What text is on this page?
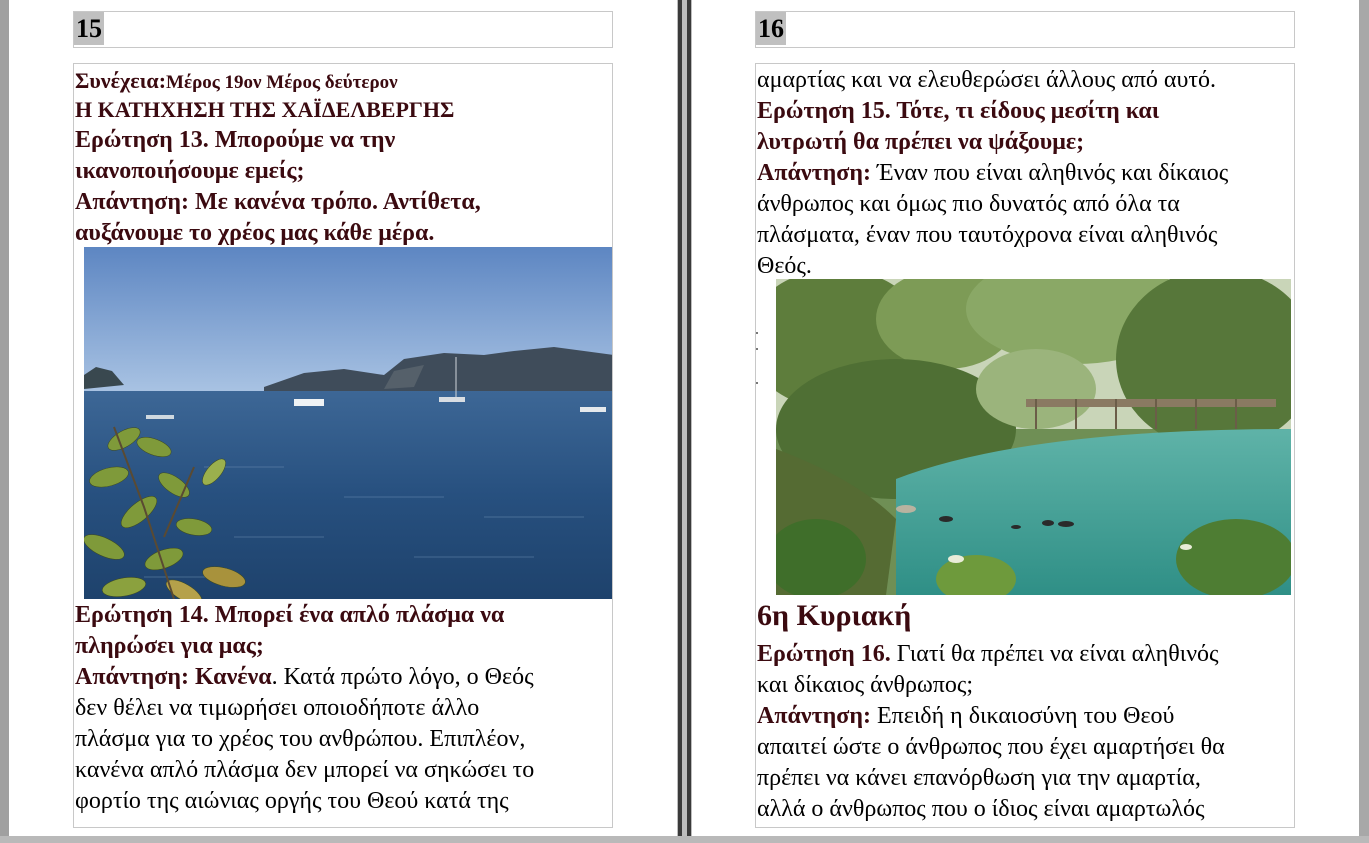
15
Συνέχεια:Μέρος 19ον Μέρος δεύτερον
Η ΚΑΤΗΧΗΣΗ ΤΗΣ ΧΑΪΔΕΛΒΕΡΓΗΣ
Ερώτηση 13. Μπορούμε να την
ικανοποιήσουμε εμείς;
Απάντηση: Με κανένα τρόπο. Αντίθετα,
αυξάνουμε το χρέος μας κάθε μέρα.
Ερώτηση 14. Μπορεί ένα απλό πλάσμα να
πληρώσει για μας;
Απάντηση: Κανένα. Κατά πρώτο λόγο, ο Θεός
δεν θέλει να τιμωρήσει οποιοδήποτε άλλο
πλάσμα για το χρέος του ανθρώπου. Επιπλέον,
κανένα απλό πλάσμα δεν μπορεί να σηκώσει το
φορτίο της αιώνιας οργής του Θεού κατά της
16
αμαρτίας και να ελευθερώσει άλλους από αυτό.
Ερώτηση 15. Τότε, τι είδους μεσίτη και
λυτρωτή θα πρέπει να ψάξουμε;
Απάντηση: Έναν που είναι αληθινός και δίκαιος
άνθρωπος και όμως πιο δυνατός από όλα τα
πλάσματα, έναν που ταυτόχρονα είναι αληθινός
Θεός.
6η Κυριακή
Ερώτηση 16. Γιατί θα πρέπει να είναι αληθινός
και δίκαιος άνθρωπος;
Απάντηση: Επειδή η δικαιοσύνη του Θεού
απαιτεί ώστε ο άνθρωπος που έχει αμαρτήσει θα
πρέπει να κάνει επανόρθωση για την αμαρτία,
αλλά ο άνθρωπος που ο ίδιος είναι αμαρτωλός
